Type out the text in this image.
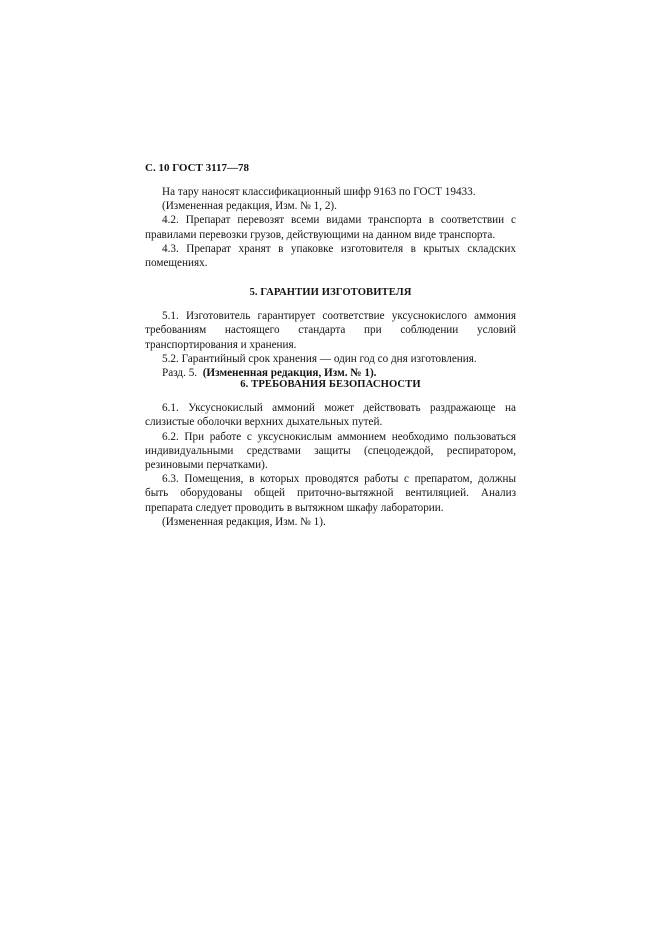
С. 10 ГОСТ 3117—78

На тару наносят классификационный шифр 9163 по ГОСТ 19433.

(Измененная редакция, Изм. № 1, 2).

4.2. Препарат перевозят всеми видами транспорта в соответствии с правилами перевозки грузов, действующими на данном виде транспорта.

4.3. Препарат хранят в упаковке изготовителя в крытых складских помещениях.

5. ГАРАНТИИ ИЗГОТОВИТЕЛЯ

5.1. Изготовитель гарантирует соответствие уксуснокислого аммония требованиям настоящего стандарта при соблюдении условий транспортирования и хранения.

5.2. Гарантийный срок хранения — один год со дня изготовления.

Разд. 5. (Измененная редакция, Изм. № 1).

6. ТРЕБОВАНИЯ БЕЗОПАСНОСТИ

6.1. Уксуснокислый аммоний может действовать раздражающе на слизистые оболочки верхних дыхательных путей.

6.2. При работе с уксуснокислым аммонием необходимо пользоваться индивидуальными средствами защиты (спецодеждой, респиратором, резиновыми перчатками).

6.3. Помещения, в которых проводятся работы с препаратом, должны быть оборудованы общей приточно-вытяжной вентиляцией. Анализ препарата следует проводить в вытяжном шкафу лаборатории.

(Измененная редакция, Изм. № 1).
